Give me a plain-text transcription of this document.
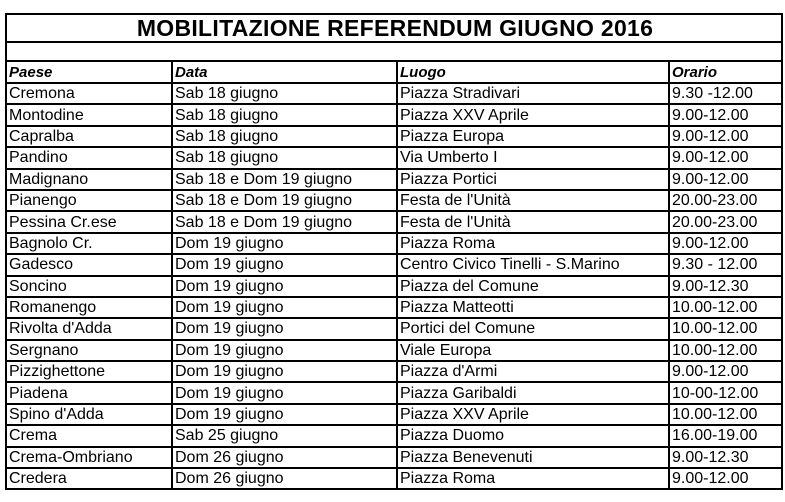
MOBILITAZIONE REFERENDUM GIUGNO 2016			

Paese	Data	Luogo	Orario
Cremona	Sab 18 giugno	Piazza Stradivari	9.30 -12.00
Montodine	Sab 18 giugno	Piazza XXV Aprile	9.00-12.00
Capralba	Sab 18 giugno	Piazza Europa	9.00-12.00
Pandino	Sab 18 giugno	Via Umberto I	9.00-12.00
Madignano	Sab 18 e Dom 19 giugno	Piazza Portici	9.00-12.00
Pianengo	Sab 18 e Dom 19 giugno	Festa de l'Unità	20.00-23.00
Pessina Cr.ese	Sab 18 e Dom 19 giugno	Festa de l'Unità	20.00-23.00
Bagnolo Cr.	Dom 19 giugno	Piazza Roma	9.00-12.00
Gadesco	Dom 19 giugno	Centro Civico Tinelli - S.Marino	9.30 - 12.00
Soncino	Dom 19 giugno	Piazza del Comune	9.00-12.30
Romanengo	Dom 19 giugno	Piazza Matteotti	10.00-12.00
Rivolta d'Adda	Dom 19 giugno	Portici del Comune	10.00-12.00
Sergnano	Dom 19 giugno	Viale Europa	10.00-12.00
Pizzighettone	Dom 19 giugno	Piazza d'Armi	9.00-12.00
Piadena	Dom 19 giugno	Piazza Garibaldi	10-00-12.00
Spino d'Adda	Dom 19 giugno	Piazza XXV Aprile	10.00-12.00
Crema	Sab 25 giugno	Piazza Duomo	16.00-19.00
Crema-Ombriano	Dom 26 giugno	Piazza Benevenuti	9.00-12.30
Credera	Dom 26 giugno	Piazza Roma	9.00-12.00
